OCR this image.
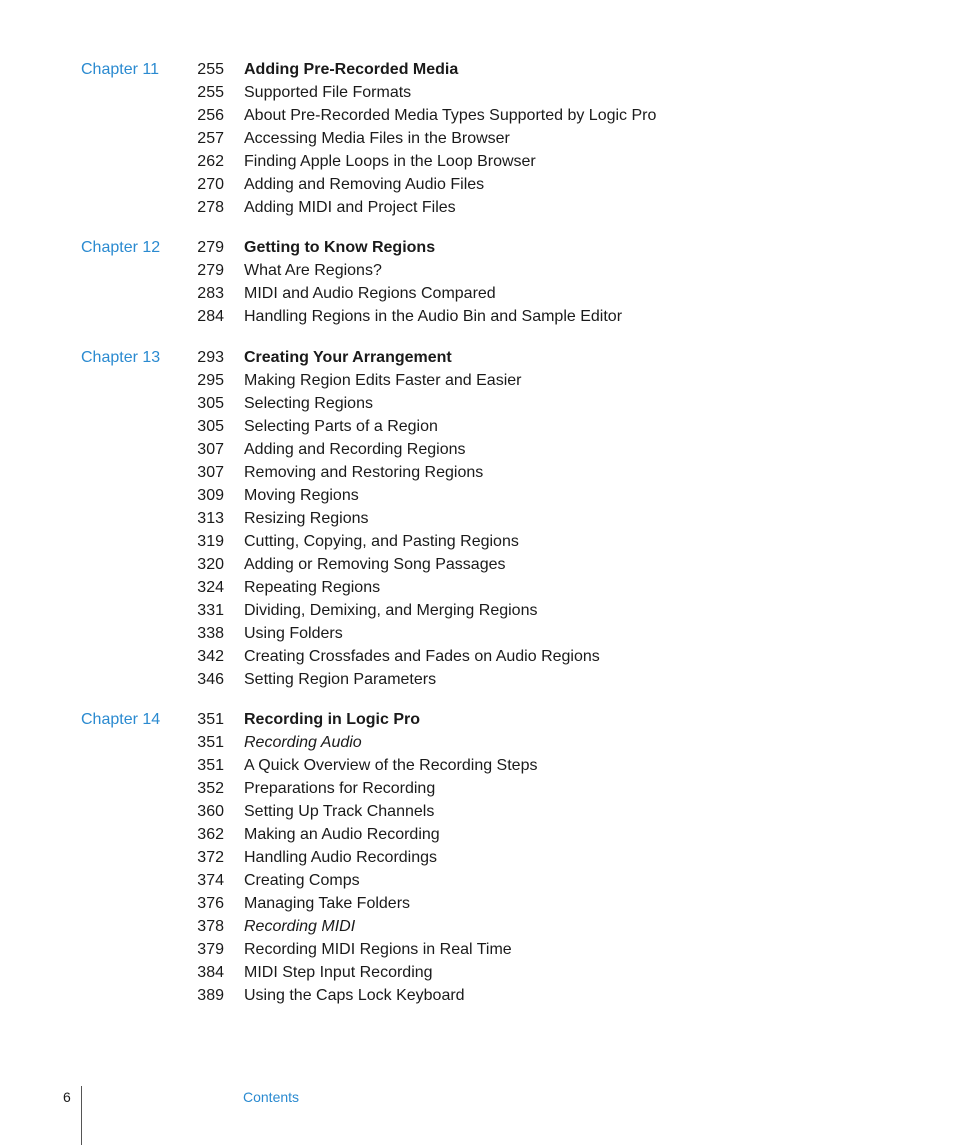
Chapter 11	255 Adding Pre-Recorded Media
255 Supported File Formats
256 About Pre-Recorded Media Types Supported by Logic Pro
257 Accessing Media Files in the Browser
262 Finding Apple Loops in the Loop Browser
270 Adding and Removing Audio Files
278 Adding MIDI and Project Files
Chapter 12	279 Getting to Know Regions
279 What Are Regions?
283 MIDI and Audio Regions Compared
284 Handling Regions in the Audio Bin and Sample Editor
Chapter 13	293 Creating Your Arrangement
295 Making Region Edits Faster and Easier
305 Selecting Regions
305 Selecting Parts of a Region
307 Adding and Recording Regions
307 Removing and Restoring Regions
309 Moving Regions
313 Resizing Regions
319 Cutting, Copying, and Pasting Regions
320 Adding or Removing Song Passages
324 Repeating Regions
331 Dividing, Demixing, and Merging Regions
338 Using Folders
342 Creating Crossfades and Fades on Audio Regions
346 Setting Region Parameters
Chapter 14	351 Recording in Logic Pro
351 Recording Audio
351 A Quick Overview of the Recording Steps
352 Preparations for Recording
360 Setting Up Track Channels
362 Making an Audio Recording
372 Handling Audio Recordings
374 Creating Comps
376 Managing Take Folders
378 Recording MIDI
379 Recording MIDI Regions in Real Time
384 MIDI Step Input Recording
389 Using the Caps Lock Keyboard
6	Contents
